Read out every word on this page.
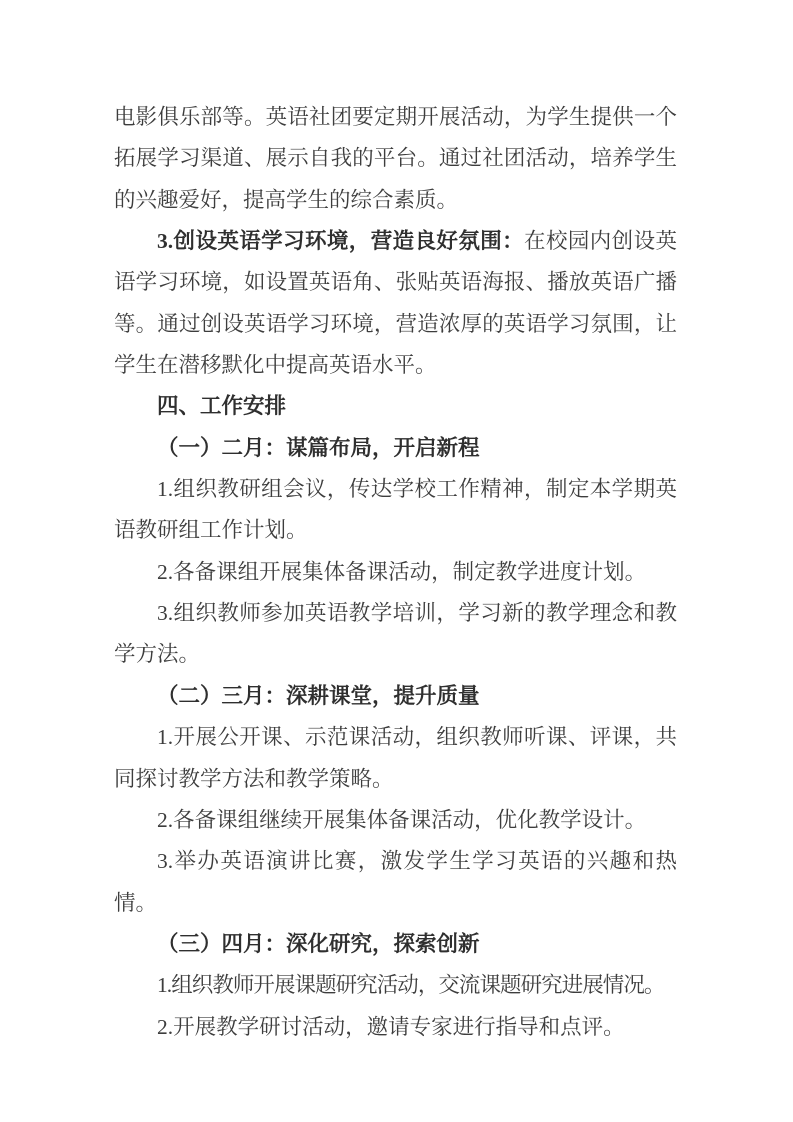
电影俱乐部等。英语社团要定期开展活动，为学生提供一个拓展学习渠道、展示自我的平台。通过社团活动，培养学生的兴趣爱好，提高学生的综合素质。

3.创设英语学习环境，营造良好氛围：在校园内创设英语学习环境，如设置英语角、张贴英语海报、播放英语广播等。通过创设英语学习环境，营造浓厚的英语学习氛围，让学生在潜移默化中提高英语水平。

四、工作安排

（一）二月：谋篇布局，开启新程

1.组织教研组会议，传达学校工作精神，制定本学期英语教研组工作计划。

2.各备课组开展集体备课活动，制定教学进度计划。

3.组织教师参加英语教学培训，学习新的教学理念和教学方法。

（二）三月：深耕课堂，提升质量

1.开展公开课、示范课活动，组织教师听课、评课，共同探讨教学方法和教学策略。

2.各备课组继续开展集体备课活动，优化教学设计。

3.举办英语演讲比赛，激发学生学习英语的兴趣和热情。

（三）四月：深化研究，探索创新

1.组织教师开展课题研究活动，交流课题研究进展情况。

2.开展教学研讨活动，邀请专家进行指导和点评。
